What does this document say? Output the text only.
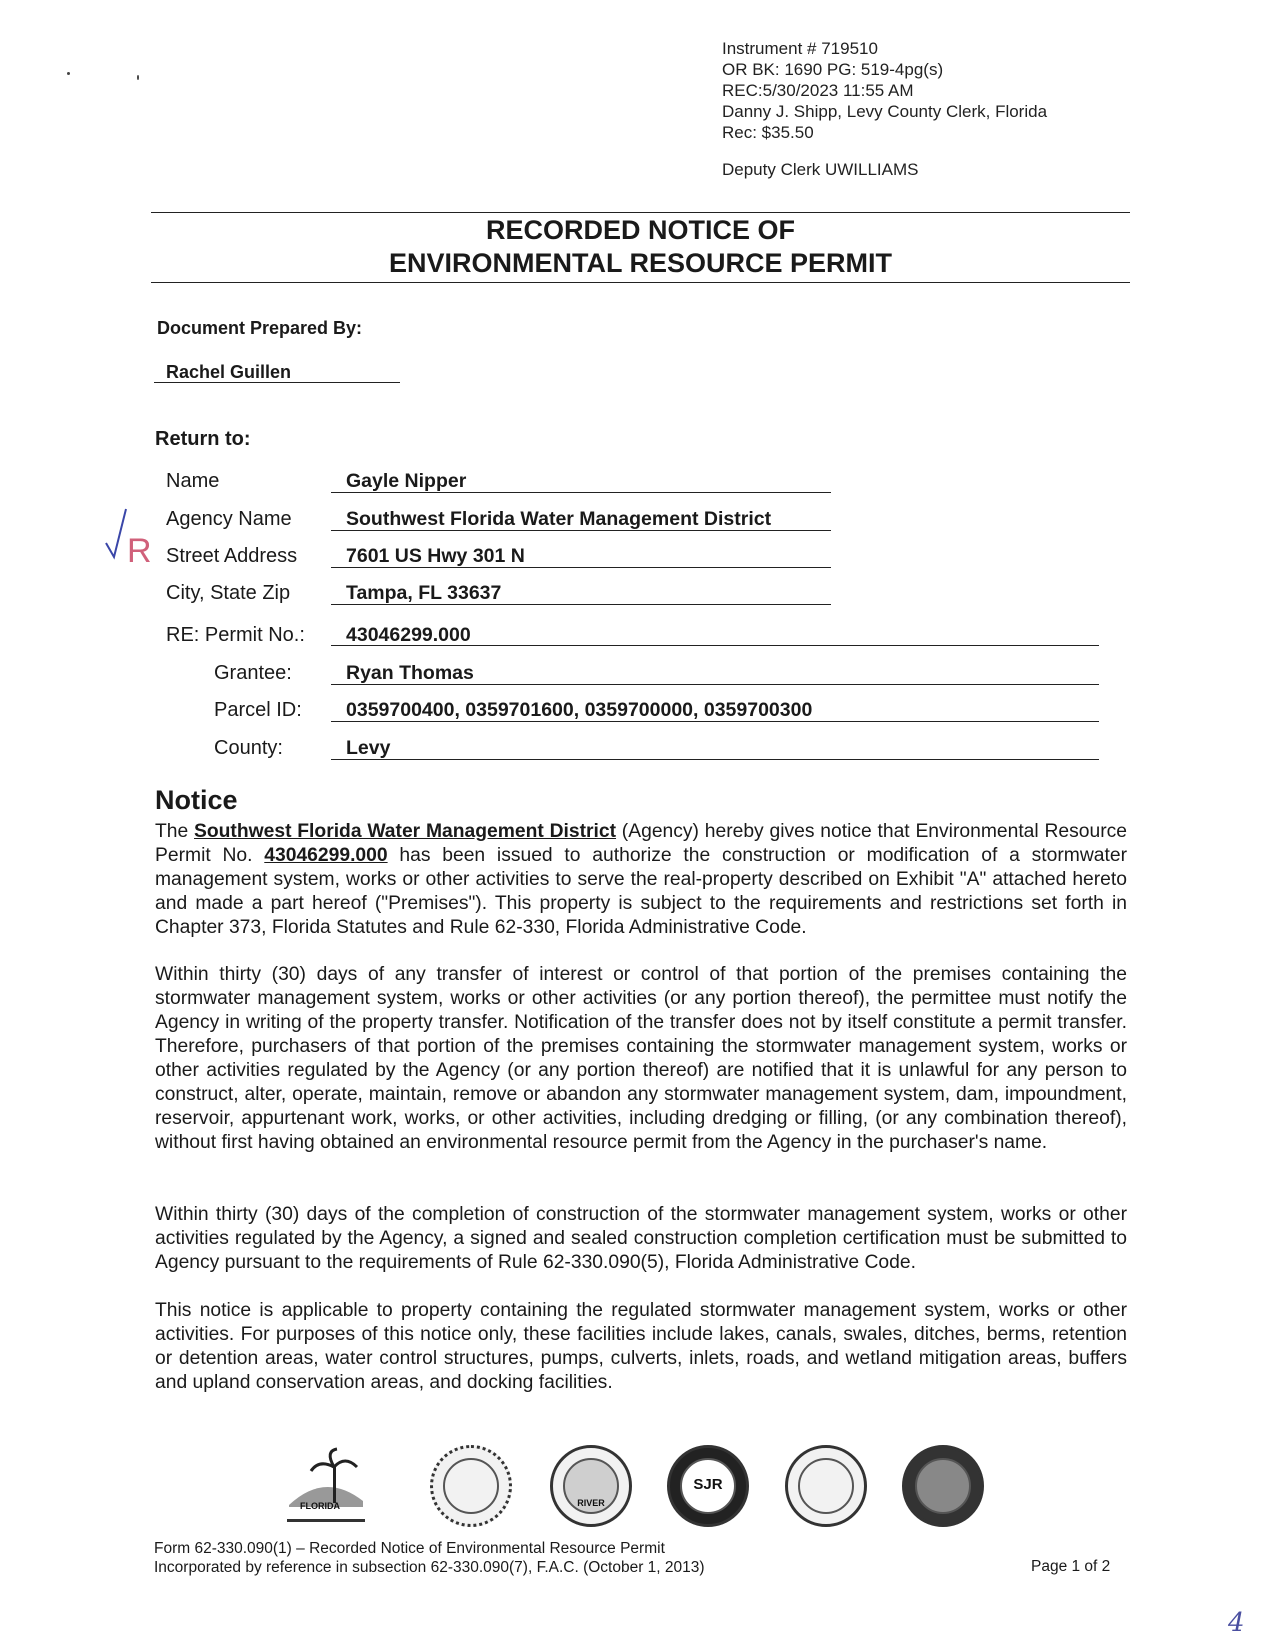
Instrument # 719510
OR BK: 1690 PG: 519-4pg(s)
REC:5/30/2023 11:55 AM
Danny J. Shipp, Levy County Clerk, Florida
Rec: $35.50
Deputy Clerk UWILLIAMS
RECORDED NOTICE OF
ENVIRONMENTAL RESOURCE PERMIT
Document Prepared By:
Rachel Guillen
Return to:
R
Name	Gayle Nipper
Agency Name	Southwest Florida Water Management District
Street Address	7601 US Hwy 301 N
City, State Zip	Tampa, FL 33637
RE: Permit No.: 43046299.000
Grantee:	Ryan Thomas
Parcel ID: 0359700400, 0359701600, 0359700000, 0359700300
County:	Levy
Notice
The Southwest Florida Water Management District (Agency) hereby gives notice that Environmental Resource Permit No. 43046299.000 has been issued to authorize the construction or modification of a stormwater management system, works or other activities to serve the real-property described on Exhibit "A" attached hereto and made a part hereof ("Premises"). This property is subject to the requirements and restrictions set forth in Chapter 373, Florida Statutes and Rule 62-330, Florida Administrative Code.
Within thirty (30) days of any transfer of interest or control of that portion of the premises containing the stormwater management system, works or other activities (or any portion thereof), the permittee must notify the Agency in writing of the property transfer. Notification of the transfer does not by itself constitute a permit transfer. Therefore, purchasers of that portion of the premises containing the stormwater management system, works or other activities regulated by the Agency (or any portion thereof) are notified that it is unlawful for any person to construct, alter, operate, maintain, remove or abandon any stormwater management system, dam, impoundment, reservoir, appurtenant work, works, or other activities, including dredging or filling, (or any combination thereof), without first having obtained an environmental resource permit from the Agency in the purchaser's name.
Within thirty (30) days of the completion of construction of the stormwater management system, works or other activities regulated by the Agency, a signed and sealed construction completion certification must be submitted to Agency pursuant to the requirements of Rule 62-330.090(5), Florida Administrative Code.
This notice is applicable to property containing the regulated stormwater management system, works or other activities. For purposes of this notice only, these facilities include lakes, canals, swales, ditches, berms, retention or detention areas, water control structures, pumps, culverts, inlets, roads, and wetland mitigation areas, buffers and upland conservation areas, and docking facilities.
FLORIDA	RIVER
SJR
Form 62-330.090(1) – Recorded Notice of Environmental Resource Permit
Incorporated by reference in subsection 62-330.090(7), F.A.C. (October 1, 2013)	Page 1 of 2
4
